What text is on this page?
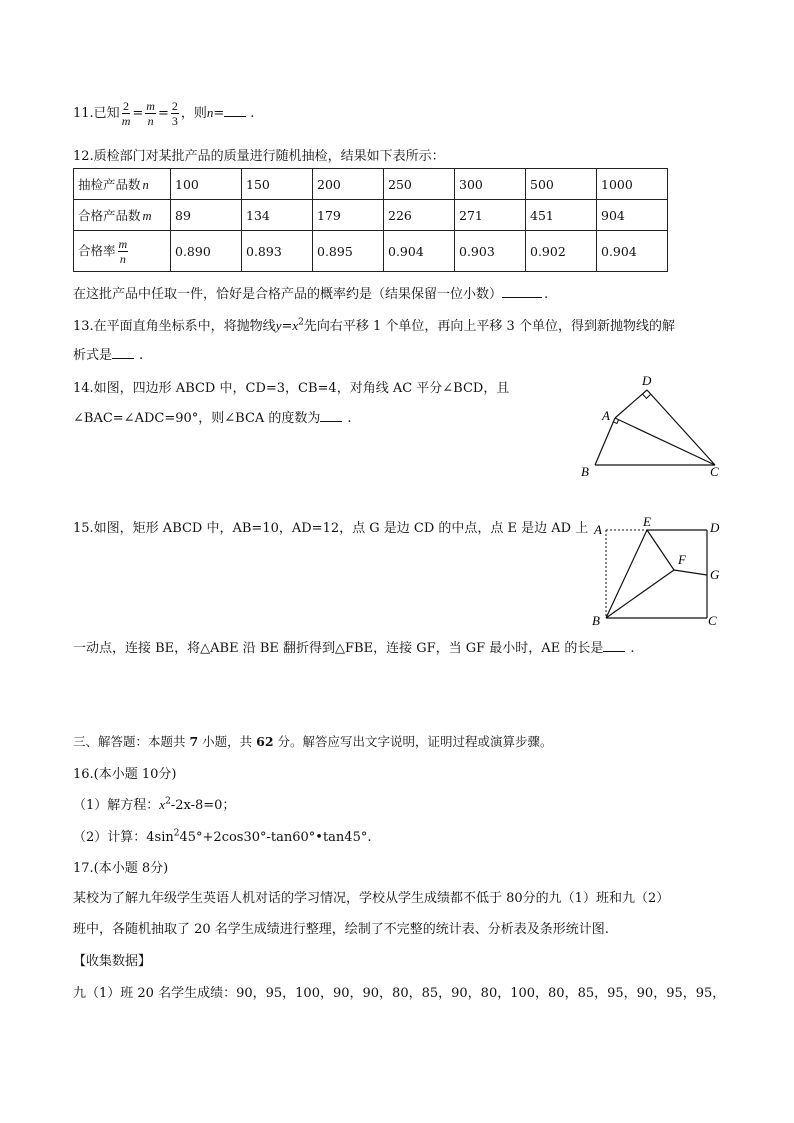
11.已知 $\frac{2}{m} = \frac{m}{n} = \frac{2}{3}$ ，则n= .
12.质检部门对某批产品的质量进行随机抽检，结果如下表所示：
抽检产品数 n	100	150	200	250	300	500	1000
合格产品数 m	89	134	179	226	271	451	904
合格率 $\frac{m}{n}$	0.890	0.893	0.895	0.904	0.903	0.902	0.904
在这批产品中任取一件，恰好是合格产品的概率约是（结果保留一位小数）	.
13.在平面直角坐标系中，将抛物线$y=x^2$先向右平移 1 个单位，再向上平移 3 个单位，得到新抛物线的解
析式是 .
14.如图，四边形 ABCD 中，CD=3，CB=4，对角线 AC 平分∠BCD，且
∠BAC=∠ADC=90°，则∠BCA 的度数为 .
D
A
B	C
15.如图，矩形 ABCD 中，AB=10，AD=12，点 G 是边 CD 的中点，点 E 是边 AD 上 A
E	D
F
G
B	C
一动点，连接 BE，将△ABE 沿 BE 翻折得到△FBE，连接 GF，当 GF 最小时，AE 的长是 .
三、解答题：本题共 7 小题，共 62 分。解答应写出文字说明，证明过程或演算步骤。
16.(本小题 10分)
（1）解方程：$x^2-2x-8=0$；
（2）计算：$4\sin^245^\circ+2\cos 30^\circ-\tan 60^\circ•\tan 45^\circ$.
17.(本小题 8分)
某校为了解九年级学生英语人机对话的学习情况，学校从学生成绩都不低于 80分的九（1）班和九（2）
班中，各随机抽取了 20 名学生成绩进行整理，绘制了不完整的统计表、分析表及条形统计图.
【收集数据】
九（1）班 20 名学生成绩：90，95，100，90，90，80，85，90，80，100，80，85，95，90，95，95，
